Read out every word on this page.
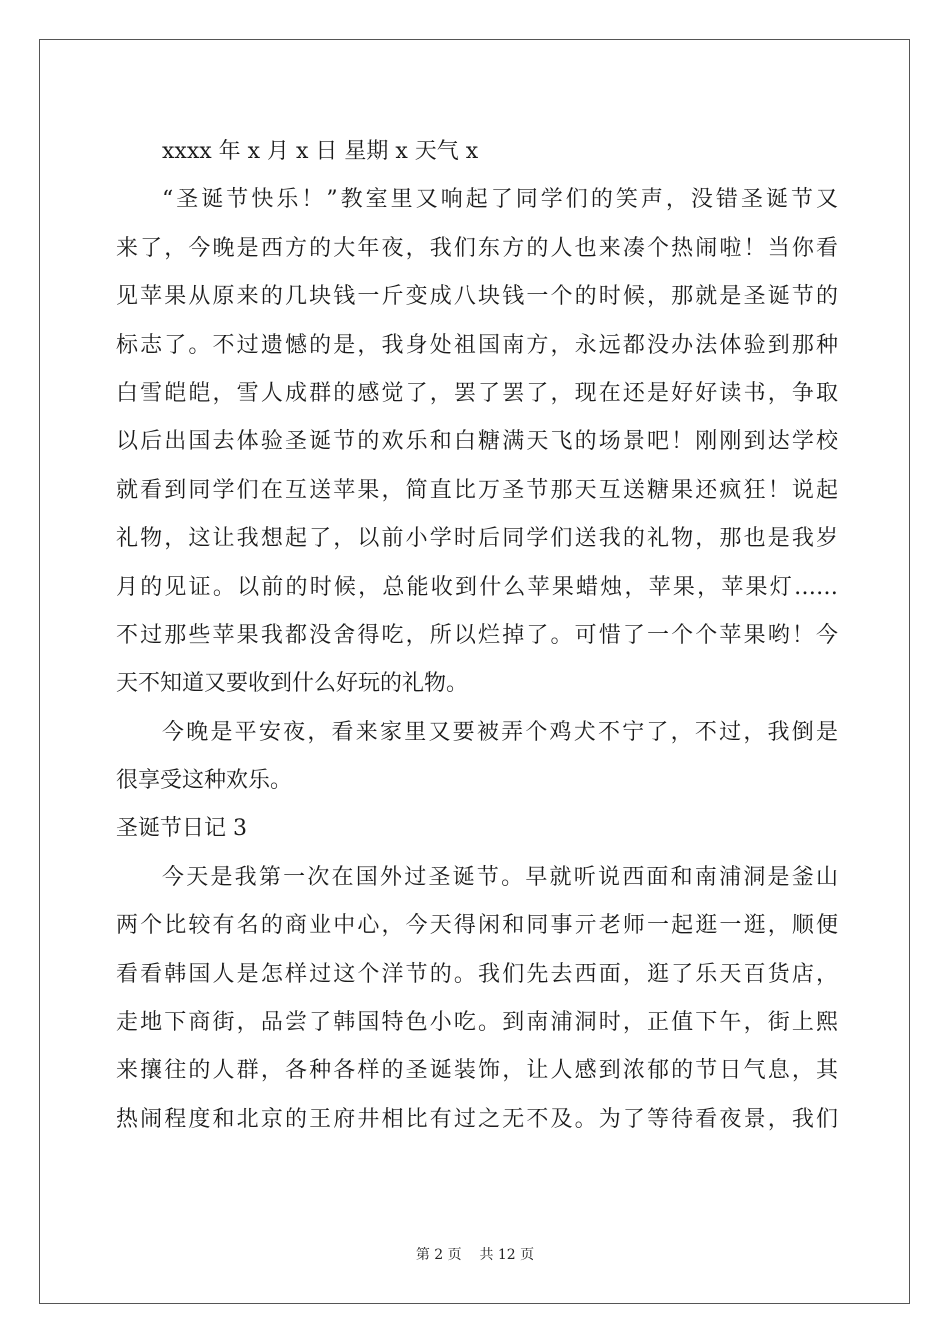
xxxx 年 x 月 x 日 星期 x 天气 x
“圣诞节快乐！”教室里又响起了同学们的笑声，没错圣诞节又
来了，今晚是西方的大年夜，我们东方的人也来凑个热闹啦！当你看
见苹果从原来的几块钱一斤变成八块钱一个的时候，那就是圣诞节的
标志了。不过遗憾的是，我身处祖国南方，永远都没办法体验到那种
白雪皑皑，雪人成群的感觉了，罢了罢了，现在还是好好读书，争取
以后出国去体验圣诞节的欢乐和白糖满天飞的场景吧！刚刚到达学校
就看到同学们在互送苹果，简直比万圣节那天互送糖果还疯狂！说起
礼物，这让我想起了，以前小学时后同学们送我的礼物，那也是我岁
月的见证。以前的时候，总能收到什么苹果蜡烛，苹果，苹果灯……
不过那些苹果我都没舍得吃，所以烂掉了。可惜了一个个苹果哟！今
天不知道又要收到什么好玩的礼物。
今晚是平安夜，看来家里又要被弄个鸡犬不宁了，不过，我倒是
很享受这种欢乐。
圣诞节日记 3
今天是我第一次在国外过圣诞节。早就听说西面和南浦洞是釜山
两个比较有名的商业中心，今天得闲和同事亓老师一起逛一逛，顺便
看看韩国人是怎样过这个洋节的。我们先去西面，逛了乐天百货店，
走地下商街，品尝了韩国特色小吃。到南浦洞时，正值下午，街上熙
来攘往的人群，各种各样的圣诞装饰，让人感到浓郁的节日气息，其
热闹程度和北京的王府井相比有过之无不及。为了等待看夜景，我们
第 2 页 共 12 页
